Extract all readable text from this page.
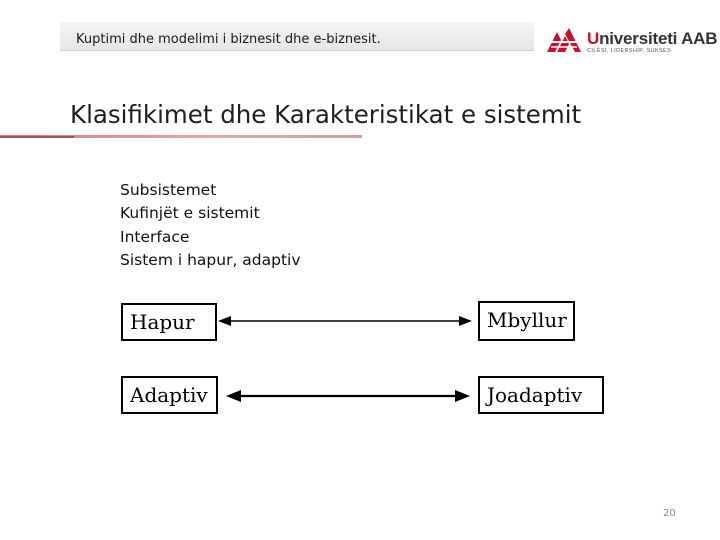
Kuptimi dhe modelimi i biznesit dhe e-biznesit.	Universiteti AAB
CILËSI, LIDERSHIP, SUKSES
Klasifikimet dhe Karakteristikat e sistemit
Subsistemet
Kufinjët e sistemit
Interface
Sistem i hapur, adaptiv
Hapur	Mbyllur
Adaptiv	Joadaptiv
20
